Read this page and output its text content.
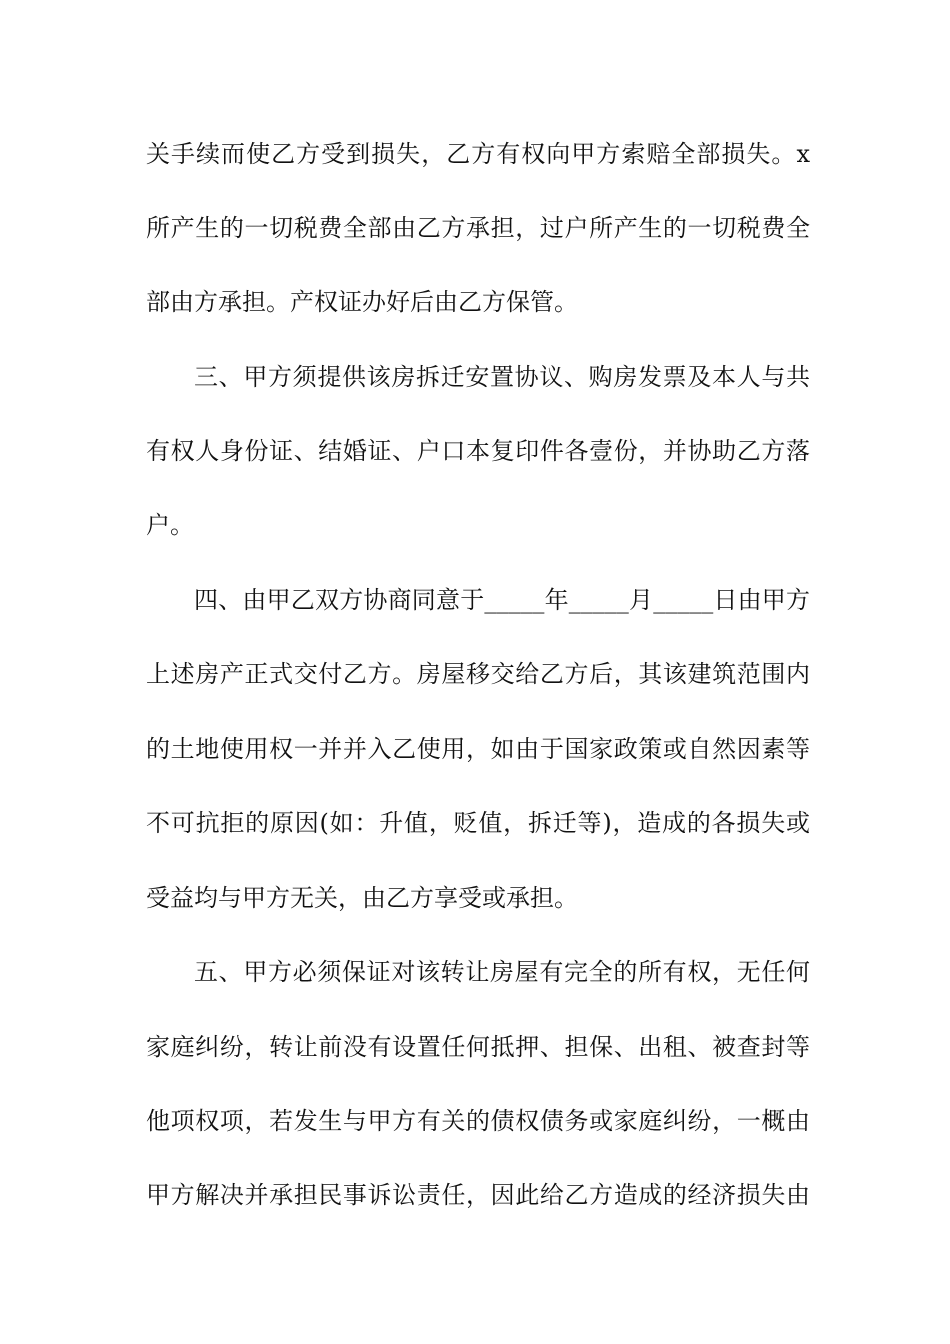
关手续而使乙方受到损失，乙方有权向甲方索赔全部损失。x
所产生的一切税费全部由乙方承担，过户所产生的一切税费全
部由方承担。产权证办好后由乙方保管。
三、甲方须提供该房拆迁安置协议、购房发票及本人与共
有权人身份证、结婚证、户口本复印件各壹份，并协助乙方落
户。
四、由甲乙双方协商同意于_____年_____月_____日由甲方
上述房产正式交付乙方。房屋移交给乙方后，其该建筑范围内
的土地使用权一并并入乙使用，如由于国家政策或自然因素等
不可抗拒的原因(如：升值，贬值，拆迁等)，造成的各损失或
受益均与甲方无关，由乙方享受或承担。
五、甲方必须保证对该转让房屋有完全的所有权，无任何
家庭纠纷，转让前没有设置任何抵押、担保、出租、被查封等
他项权项，若发生与甲方有关的债权债务或家庭纠纷，一概由
甲方解决并承担民事诉讼责任，因此给乙方造成的经济损失由
